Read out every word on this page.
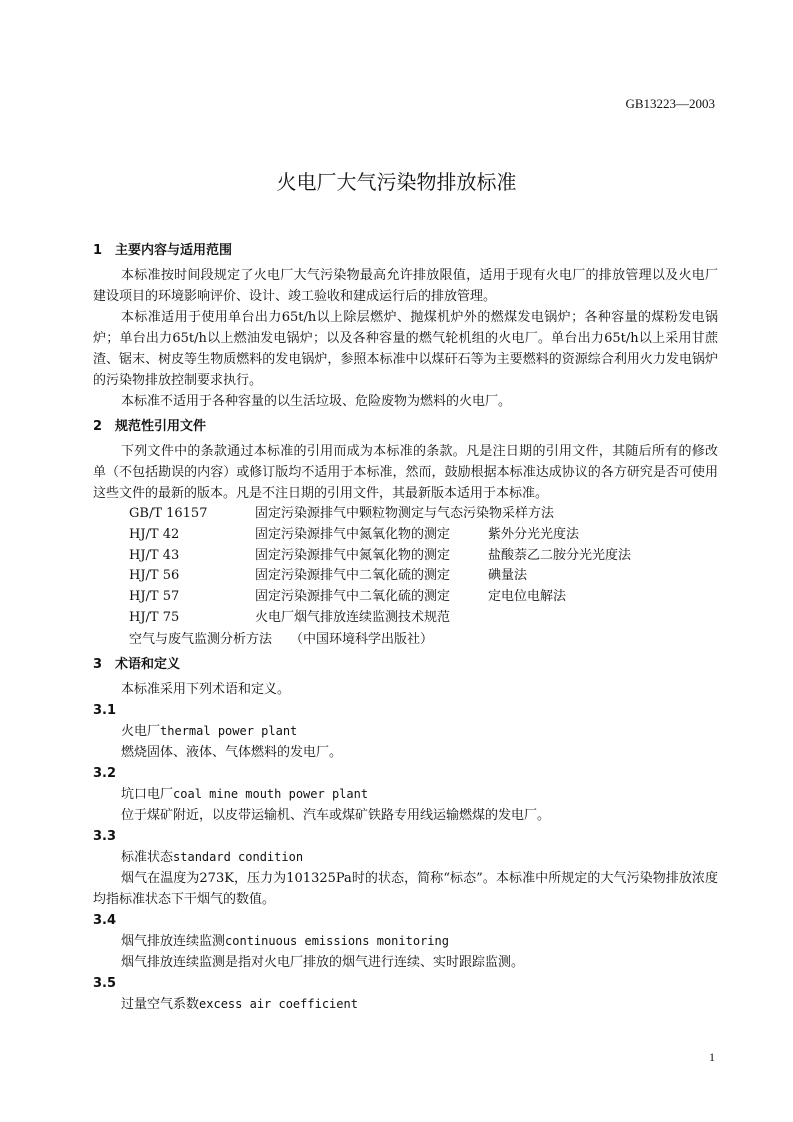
GB13223—2003
火电厂大气污染物排放标准
1 主要内容与适用范围

本标准按时间段规定了火电厂大气污染物最高允许排放限值，适用于现有火电厂的排放管理以及火电厂建设项目的环境影响评价、设计、竣工验收和建成运行后的排放管理。

本标准适用于使用单台出力65t/h以上除层燃炉、抛煤机炉外的燃煤发电锅炉；各种容量的煤粉发电锅炉；单台出力65t/h以上燃油发电锅炉；以及各种容量的燃气轮机组的火电厂。单台出力65t/h以上采用甘蔗渣、锯末、树皮等生物质燃料的发电锅炉，参照本标准中以煤矸石等为主要燃料的资源综合利用火力发电锅炉的污染物排放控制要求执行。

本标准不适用于各种容量的以生活垃圾、危险废物为燃料的火电厂。

2 规范性引用文件

下列文件中的条款通过本标准的引用而成为本标准的条款。凡是注日期的引用文件，其随后所有的修改单（不包括勘误的内容）或修订版均不适用于本标准，然而，鼓励根据本标准达成协议的各方研究是否可使用这些文件的最新的版本。凡是不注日期的引用文件，其最新版本适用于本标准。

GB/T 16157	固定污染源排气中颗粒物测定与气态污染物采样方法
HJ/T 42	固定污染源排气中氮氧化物的测定	紫外分光光度法
HJ/T 43	固定污染源排气中氮氧化物的测定	盐酸萘乙二胺分光光度法
HJ/T 56	固定污染源排气中二氧化硫的测定	碘量法
HJ/T 57	固定污染源排气中二氧化硫的测定	定电位电解法
HJ/T 75	火电厂烟气排放连续监测技术规范
空气与废气监测分析方法 （中国环境科学出版社）
3 术语和定义

本标准采用下列术语和定义。

3.1

火电厂thermal power plant

燃烧固体、液体、气体燃料的发电厂。

3.2

坑口电厂coal mine mouth power plant

位于煤矿附近，以皮带运输机、汽车或煤矿铁路专用线运输燃煤的发电厂。

3.3

标准状态standard condition

烟气在温度为273K，压力为101325Pa时的状态，简称“标态”。本标准中所规定的大气污染物排放浓度均指标准状态下干烟气的数值。

3.4

烟气排放连续监测continuous emissions monitoring

烟气排放连续监测是指对火电厂排放的烟气进行连续、实时跟踪监测。

3.5

过量空气系数excess air coefficient

1
